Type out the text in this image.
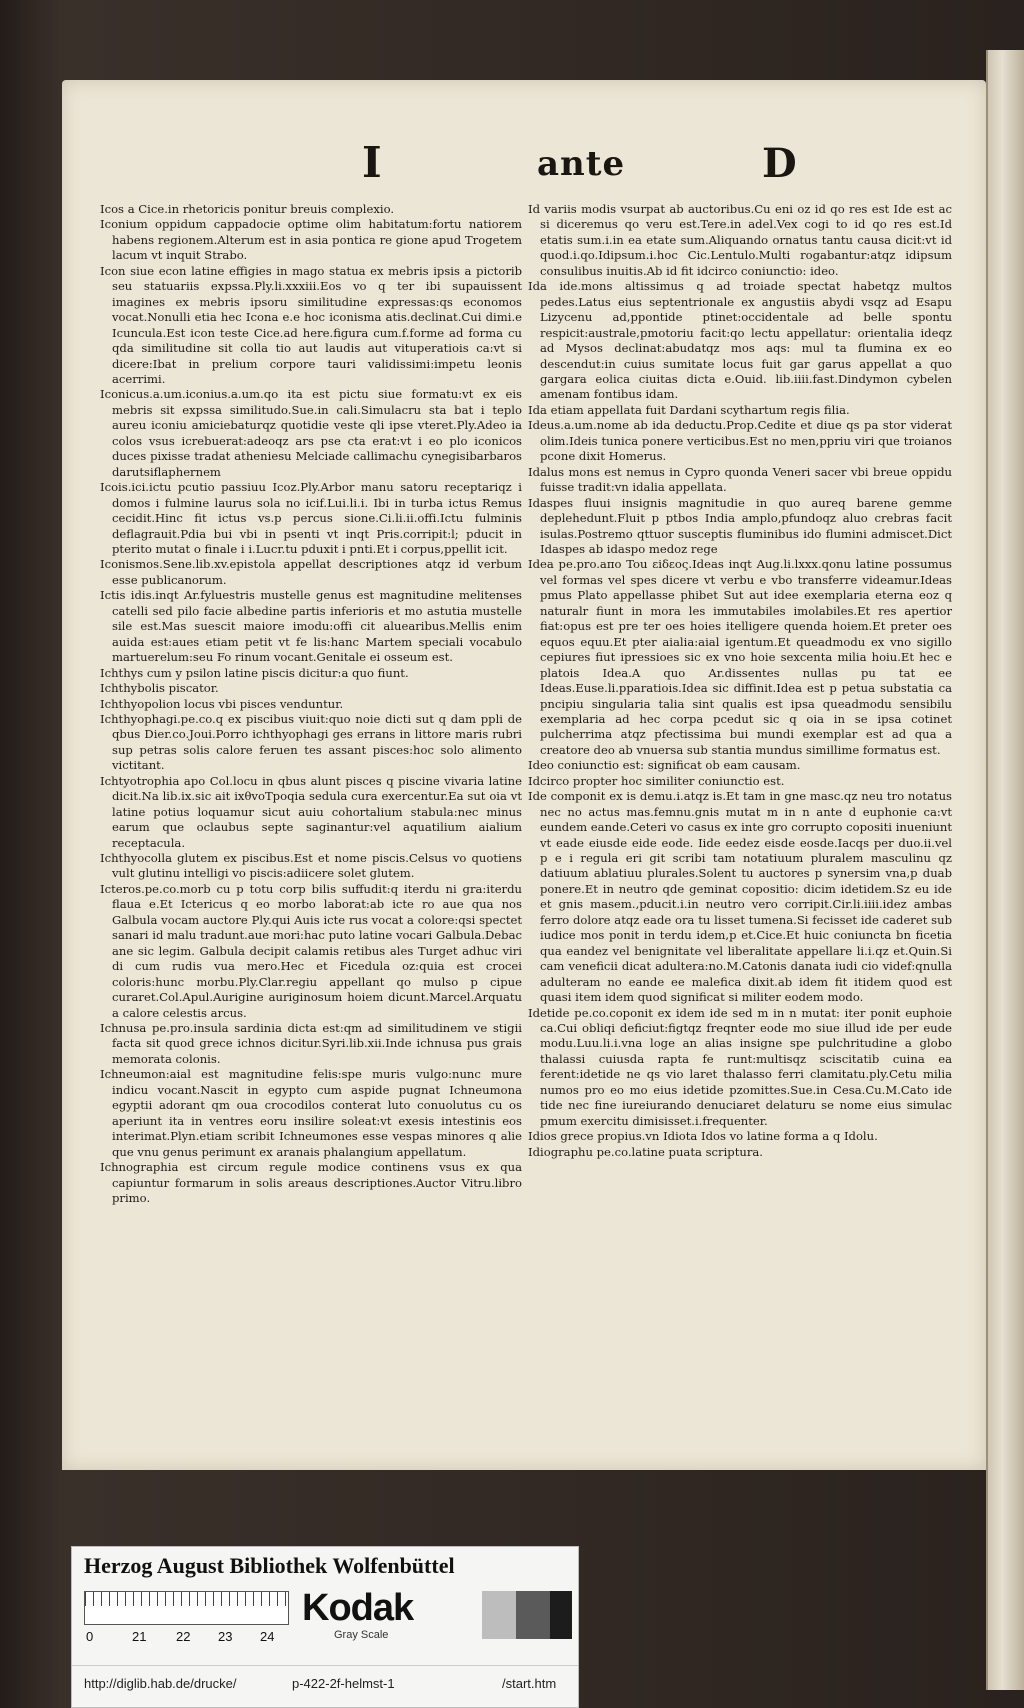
I	ante	D
Icos a Cice.in rhetoricis ponitur breuis complexio.
Iconium oppidum cappadocie optime olim habitatum:fortu natiorem habens regionem.Alterum est in asia pontica re gione apud Trogetem lacum vt inquit Strabo.
Icon siue econ latine effigies in mago statua ex mebris ipsis a pictorib seu statuariis expssa.Ply.li.xxxiii.Eos vo q ter ibi supauissent imagines ex mebris ipsoru similitudine expressas:qs economos vocat.Nonulli etia hec Icona e.e hoc iconisma atis.declinat.Cui dimi.e Icuncula.Est icon teste Cice.ad here.figura cum.f.forme ad forma cu qda similitudine sit colla tio aut laudis aut vituperatiois ca:vt si dicere:Ibat in prelium corpore tauri validissimi:impetu leonis acerrimi.
Iconicus.a.um.iconius.a.um.qo ita est pictu siue formatu:vt ex eis mebris sit expssa similitudo.Sue.in cali.Simulacru sta bat i teplo aureu iconiu amiciebaturqz quotidie veste qli ipse vteret.Ply.Adeo ia colos vsus icrebuerat:adeoqz ars pse cta erat:vt i eo plo iconicos duces pixisse tradat atheniesu Melciade callimachu cynegisibarbaros darutsiflaphernem
Icois.ici.ictu pcutio passiuu Icoz.Ply.Arbor manu satoru receptariqz i domos i fulmine laurus sola no icif.Lui.li.i. Ibi in turba ictus Remus cecidit.Hinc fit ictus vs.p percus sione.Ci.li.ii.offi.Ictu fulminis deflagrauit.Pdia bui vbi in psenti vt inqt Pris.corripit:l; pducit in pterito mutat o finale i i.Lucr.tu pduxit i pnti.Et i corpus,ppellit icit.
Iconismos.Sene.lib.xv.epistola appellat descriptiones atqz id verbum esse publicanorum.
Ictis idis.inqt Ar.fyluestris mustelle genus est magnitudine melitenses catelli sed pilo facie albedine partis inferioris et mo astutia mustelle sile est.Mas suescit maiore imodu:offi cit aluearibus.Mellis enim auida est:aues etiam petit vt fe lis:hanc Martem speciali vocabulo martuerelum:seu Fo rinum vocant.Genitale ei osseum est.
Ichthys cum y psilon latine piscis dicitur:a quo fiunt.
Ichthybolis piscator.
Ichthyopolion locus vbi pisces venduntur.
Ichthyophagi.pe.co.q ex piscibus viuit:quo noie dicti sut q dam ppli de qbus Dier.co.Joui.Porro ichthyophagi ges errans in littore maris rubri sup petras solis calore feruen tes assant pisces:hoc solo alimento victitant.
Ichtyotrophia apo Col.locu in qbus alunt pisces q piscine vivaria latine dicit.Na lib.ix.sic ait ixθvoTpoqia sedula cura exercentur.Ea sut oia vt latine potius loquamur sicut auiu cohortalium stabula:nec minus earum que oclaubus septe saginantur:vel aquatilium aialium receptacula.
Ichthyocolla glutem ex piscibus.Est et nome piscis.Celsus vo quotiens vult glutinu intelligi vo piscis:adiicere solet glutem.
Icteros.pe.co.morb cu p totu corp bilis suffudit:q iterdu ni gra:iterdu flaua e.Et Ictericus q eo morbo laborat:ab icte ro aue qua nos Galbula vocam auctore Ply.qui Auis icte rus vocat a colore:qsi spectet sanari id malu tradunt.aue mori:hac puto latine vocari Galbula.Debac ane sic legim. Galbula decipit calamis retibus ales Turget adhuc viri di cum rudis vua mero.Hec et Ficedula oz:quia est crocei coloris:hunc morbu.Ply.Clar.regiu appellant qo mulso p cipue curaret.Col.Apul.Aurigine auriginosum hoiem dicunt.Marcel.Arquatu a calore celestis arcus.
Ichnusa pe.pro.insula sardinia dicta est:qm ad similitudinem ve stigii facta sit quod grece ichnos dicitur.Syri.lib.xii.Inde ichnusa pus grais memorata colonis.
Ichneumon:aial est magnitudine felis:spe muris vulgo:nunc mure indicu vocant.Nascit in egypto cum aspide pugnat Ichneumona egyptii adorant qm oua crocodilos conterat luto conuolutus cu os aperiunt ita in ventres eoru insilire soleat:vt exesis intestinis eos interimat.Plyn.etiam scribit Ichneumones esse vespas minores q alie que vnu genus perimunt ex aranais phalangium appellatum.
Ichnographia est circum regule modice continens vsus ex qua capiuntur formarum in solis areaus descriptiones.Auctor Vitru.libro primo.
Id variis modis vsurpat ab auctoribus.Cu eni oz id qo res est Ide est ac si diceremus qo veru est.Tere.in adel.Vex cogi to id qo res est.Id etatis sum.i.in ea etate sum.Aliquando ornatus tantu causa dicit:vt id quod.i.qo.Idipsum.i.hoc Cic.Lentulo.Multi rogabantur:atqz idipsum consulibus inuitis.Ab id fit idcirco coniunctio: ideo.
Ida ide.mons altissimus q ad troiade spectat habetqz multos pedes.Latus eius septentrionale ex angustiis abydi vsqz ad Esapu Lizycenu ad,ppontide ptinet:occidentale ad belle spontu respicit:australe,pmotoriu facit:qo lectu appellatur: orientalia ideqz ad Mysos declinat:abudatqz mos aqs: mul ta flumina ex eo descendut:in cuius sumitate locus fuit gar garus appellat a quo gargara eolica ciuitas dicta e.Ouid. lib.iiii.fast.Dindymon cybelen amenam fontibus idam.
Ida etiam appellata fuit Dardani scythartum regis filia.
Ideus.a.um.nome ab ida deductu.Prop.Cedite et diue qs pa stor viderat olim.Ideis tunica ponere verticibus.Est no men,ppriu viri que troianos pcone dixit Homerus.
Idalus mons est nemus in Cypro quonda Veneri sacer vbi breue oppidu fuisse tradit:vn idalia appellata.
Idaspes fluui insignis magnitudie in quo aureq barene gemme deplehedunt.Fluit p ptbos India amplo,pfundoqz aluo crebras facit isulas.Postremo qttuor susceptis fluminibus ido flumini admiscet.Dict Idaspes ab idaspo medoz rege
Idea pe.pro.aπo Tou εiδεoς.Ideas inqt Aug.li.lxxx.qonu latine possumus vel formas vel spes dicere vt verbu e vbo transferre videamur.Ideas pmus Plato appellasse phibet Sut aut idee exemplaria eterna eoz q naturalr fiunt in mora les immutabiles imolabiles.Et res apertior fiat:opus est pre ter oes hoies itelligere quenda hoiem.Et preter oes equos equu.Et pter aialia:aial igentum.Et queadmodu ex vno sigillo cepiures fiut ipressioes sic ex vno hoie sexcenta milia hoiu.Et hec e platois Idea.A quo Ar.dissentes nullas pu tat ee Ideas.Euse.li.pparatiois.Idea sic diffinit.Idea est p petua substatia ca pncipiu singularia talia sint qualis est ipsa queadmodu sensibilu exemplaria ad hec corpa pcedut sic q oia in se ipsa cotinet pulcherrima atqz pfectissima bui mundi exemplar est ad qua a creatore deo ab vnuersa sub stantia mundus simillime formatus est.
Ideo coniunctio est: significat ob eam causam.
Idcirco propter hoc similiter coniunctio est.
Ide componit ex is demu.i.atqz is.Et tam in gne masc.qz neu tro notatus nec no actus mas.femnu.gnis mutat m in n ante d euphonie ca:vt eundem eande.Ceteri vo casus ex inte gro corrupto copositi inueniunt vt eade eiusde eide eode. Iide eedez eisde eosde.Iacqs per duo.ii.vel p e i regula eri git scribi tam notatiuum pluralem masculinu qz datiuum ablatiuu plurales.Solent tu auctores p synersim vna,p duab ponere.Et in neutro qde geminat copositio: dicim idetidem.Sz eu ide et gnis masem.,pducit.i.in neutro vero corripit.Cir.li.iiii.idez ambas ferro dolore atqz eade ora tu lisset tumena.Si fecisset ide caderet sub iudice mos ponit in terdu idem,p et.Cice.Et huic coniuncta bn ficetia qua eandez vel benignitate vel liberalitate appellare li.i.qz et.Quin.Si cam veneficii dicat adultera:no.M.Catonis danata iudi cio videf:qnulla adulteram no eande ee malefica dixit.ab idem fit itidem quod est quasi item idem quod significat si militer eodem modo.
Idetide pe.co.coponit ex idem ide sed m in n mutat: iter ponit euphoie ca.Cui obliqi deficiut:figtqz freqnter eode mo siue illud ide per eude modu.Luu.li.i.vna loge an alias insigne spe pulchritudine a globo thalassi cuiusda rapta fe runt:multisqz sciscitatib cuina ea ferent:idetide ne qs vio laret thalasso ferri clamitatu.ply.Cetu milia numos pro eo mo eius idetide pzomittes.Sue.in Cesa.Cu.M.Cato ide tide nec fine iureiurando denuciaret delaturu se nome eius simulac pmum exercitu dimisisset.i.frequenter.
Idios grece propius.vn Idiota Idos vo latine forma a q Idolu.
Idiographu pe.co.latine puata scriptura.
Herzog August Bibliothek Wolfenbüttel
0	21 22 23 24
Kodak
Gray Scale
http://diglib.hab.de/drucke/	p-422-2f-helmst-1	/start.htm
